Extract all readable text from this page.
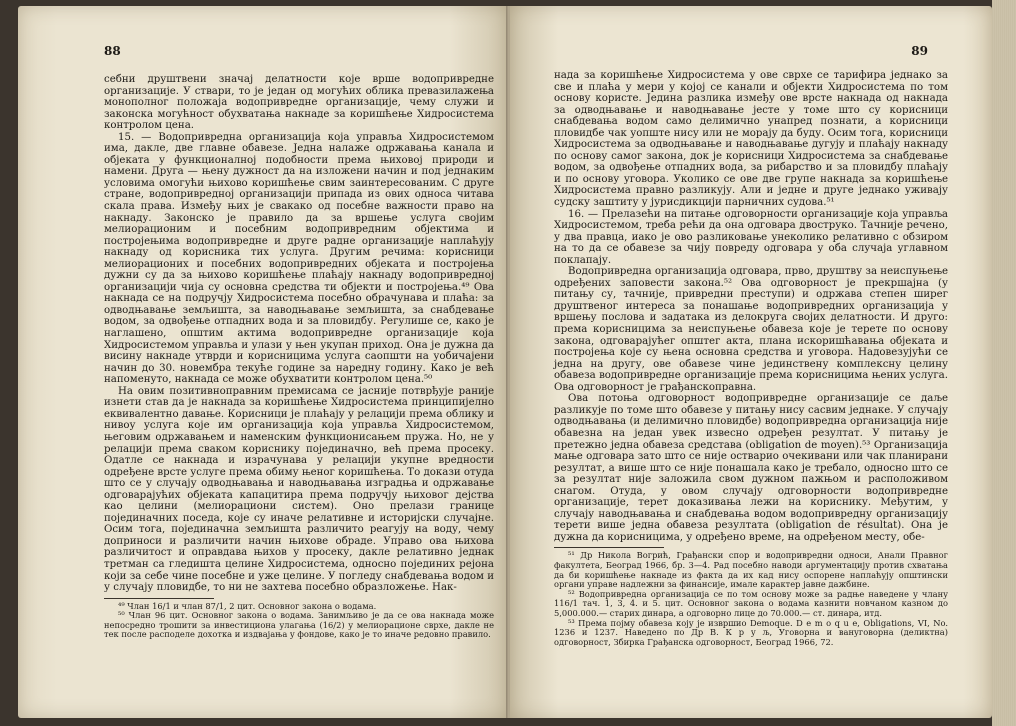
88

себни друштвени значај делатности које врше водопривредне организације. У ствари, то је један од могућих облика превазилажења монополног положаја водопривредне организације, чему служи и законска могућност обухватања накнаде за коришћење Хидросистема контролом цена.

15. — Водопривредна организација која управља Хидросистемом има, дакле, две главне обавезе. Једна налаже одржавања канала и објеката у функционалној подобности према њиховој природи и намени. Друга — њену дужност да на изложени начин и под једнаким условима омогући њихово коришћење свим заинтересованим. С друге стране, водопривредној организацији припада из ових односа читава скала права. Између њих је свакако од посебне важности право на накнаду. Законско је правило да за вршење услуга својим мелиорационим и посебним водопривредним објектима и постројењима водопривредне и друге радне организације наплаћују накнаду од корисника тих услуга. Другим речима: корисници мелиорационих и посебних водопривредних објеката и постројења дужни су да за њихово коришћење плаћају накнаду водопривредној организацији чија су основна средства ти објекти и постројења.⁴⁹ Ова накнада се на подручју Хидросистема посебно обрачунава и плаћа: за одводњавање земљишта, за наводњавање земљишта, за снабдевање водом, за одвођење отпадних вода и за пловидбу. Регулише се, како је наглашено, општим актима водопривредне организације која Хидросистемом управља и улази у њен укупан приход. Она је дужна да висину накнаде утврди и корисницима услуга саопшти на уобичајени начин до 30. новембра текуће године за наредну годину. Како је већ напоменуто, накнада се може обухватити контролом цена.⁵⁰

На овим позитивноправним премисама се јасније потврђује раније изнети став да је накнада за коришћење Хидросистема принципијелно еквивалентно давање. Корисници је плаћају у релацији према облику и нивоу услуга које им организација која управља Хидросистемом, његовим одржавањем и наменским функционисањем пружа. Но, не у релацији према сваком кориснику појединачно, већ према просеку. Одатле се накнада и израчунава у релацији укупне вредности одређене врсте услуге према обиму њеног коришћења. То докази отуда што се у случају одводњавања и наводњавања изградња и одржавање одговарајућих објеката капацитира према подручју њиховог дејства као целини (мелиорациони систем). Оно прелази границе појединачних поседа, које су иначе релативне и историјски случајне. Осим тога, појединачна земљишта различито реагују на воду, чему доприноси и различити начин њихове обраде. Управо ова њихова различитост и оправдава њихов у просеку, дакле релативно једнак третман са гледишта целине Хидросистема, односно појединих рејона који за себе чине посебне и уже целине. У погледу снабдевања водом и у случају пловидбе, то ни не захтева посебно образложење. Нак-

⁴⁹ Члан 16/1 и члан 87/1, 2 цит. Основног закона о водама.

⁵⁰ Члан 96 цит. Основног закона о водама. Занимљиво је да се ова накнада може непосредно трошити за инвестициона улагања (16/2) у мелиорационе сврхе, дакле не тек после расподеле дохотка и издвајања у фондове, како је то иначе редовно правило.

89

нада за коришћење Хидросистема у ове сврхе се тарифира једнако за све и плаћа у мери у којој се канали и објекти Хидросистема по том основу користе. Једина разлика између ове врсте накнада од накнада за одводњавање и наводњавање јесте у томе што су корисници снабдевања водом само делимично унапред познати, а корисници пловидбе чак уопште нису или не морају да буду. Осим тога, корисници Хидросистема за одводњавање и наводњавање дугују и плаћају накнаду по основу самог закона, док је корисници Хидросистема за снабдевање водом, за одвођење отпадних вода, за рибарство и за пловидбу плаћају и по основу уговора. Уколико се ове две групе накнада за коришћење Хидросистема правно разликују. Али и једне и друге једнако уживају судску заштиту у јурисдикцији парничних судова.⁵¹

16. — Прелазећи на питање одговорности организације која управља Хидросистемом, треба рећи да она одговара двоструко. Тачније речено, у два правца, иако је ово разликовање унеколико релативно с обзиром на то да се обавезе за чију повреду одговара у оба случаја углавном поклапају.

Водопривредна организација одговара, прво, друштву за неиспуњење одређених заповести закона.⁵² Ова одговорност је прекршајна (у питању су, тачније, привредни преступи) и одржава степен ширег друштвеног интереса за понашање водопривредних организација у вршењу послова и задатака из делокруга својих делатности. И друго: према корисницима за неиспуњење обавеза које је терете по основу закона, одговарајућег општег акта, плана искоришћавања објеката и постројења које су њена основна средства и уговора. Надовезујући се једна на другу, ове обавезе чине јединствену комплексну целину обавеза водопривредне организације према корисницима њених услуга. Ова одговорност је грађанскоправна.

Ова потоња одговорност водопривредне организације се даље разликује по томе што обавезе у питању нису сасвим једнаке. У случају одводњавања (и делимично пловидбе) водопривредна организација није обавезна на један увек извесно одређен резултат. У питању је претежно једна обавеза средстава (obligation de moyen).⁵³ Организација мање одговара зато што се није остварио очекивани или чак планирани резултат, а више што се није понашала како је требало, односно што се за резултат није заложила свом дужном пажњом и расположивом снагом. Отуда, у овом случају одговорности водопривредне организације, терет доказивања лежи на кориснику. Међутим, у случају наводњавања и снабдевања водом водопривредну организацију терети више једна обавеза резултата (obligation de résultat). Она је дужна да корисницима, у одређено време, на одређеном месту, обе-

⁵¹ Др Никола Вогрић, Грађански спор и водопривредни односи, Анали Правног факултета, Београд 1966, бр. 3—4. Рад посебно наводи аргументацију против схватања да би коришћење накнаде из факта да их кад нису оспорене наплаћују општински органи управе надлежни за финансије, имале карактер јавне дажбине.

⁵² Водопривредна организација се по том основу може за радње наведене у члану 116/1 тач. 1, 3, 4. и 5. цит. Основног закона о водама казнити новчаном казном до 5,000.000.— старих динара, а одговорно лице до 70.000.— ст. динара, итд.

⁵³ Према појму обавеза коју је извршио Demoque. D e m o q u e, Obligations, VI, No. 1236 и 1237. Наведено по Др В. К р у љ, Уговорна и вануговорна (деликтна) одговорност, Збирка Грађанска одговорност, Београд 1966, 72.
